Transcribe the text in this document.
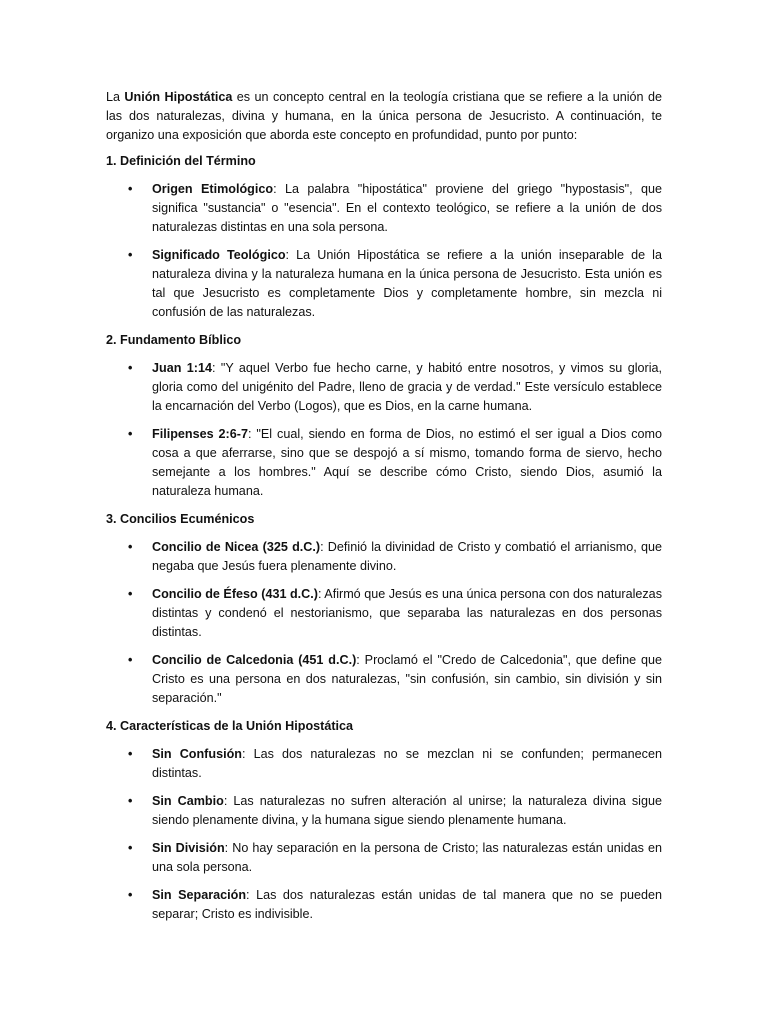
La Unión Hipostática es un concepto central en la teología cristiana que se refiere a la unión de las dos naturalezas, divina y humana, en la única persona de Jesucristo. A continuación, te organizo una exposición que aborda este concepto en profundidad, punto por punto:

1. Definición del Término
• Origen Etimológico: La palabra "hipostática" proviene del griego "hypostasis", que significa "sustancia" o "esencia". En el contexto teológico, se refiere a la unión de dos naturalezas distintas en una sola persona.
• Significado Teológico: La Unión Hipostática se refiere a la unión inseparable de la naturaleza divina y la naturaleza humana en la única persona de Jesucristo. Esta unión es tal que Jesucristo es completamente Dios y completamente hombre, sin mezcla ni confusión de las naturalezas.
2. Fundamento Bíblico
• Juan 1:14: "Y aquel Verbo fue hecho carne, y habitó entre nosotros, y vimos su gloria, gloria como del unigénito del Padre, lleno de gracia y de verdad." Este versículo establece la encarnación del Verbo (Logos), que es Dios, en la carne humana.
• Filipenses 2:6-7: "El cual, siendo en forma de Dios, no estimó el ser igual a Dios como cosa a que aferrarse, sino que se despojó a sí mismo, tomando forma de siervo, hecho semejante a los hombres." Aquí se describe cómo Cristo, siendo Dios, asumió la naturaleza humana.
3. Concilios Ecuménicos
• Concilio de Nicea (325 d.C.): Definió la divinidad de Cristo y combatió el arrianismo, que negaba que Jesús fuera plenamente divino.
• Concilio de Éfeso (431 d.C.): Afirmó que Jesús es una única persona con dos naturalezas distintas y condenó el nestorianismo, que separaba las naturalezas en dos personas distintas.
• Concilio de Calcedonia (451 d.C.): Proclamó el "Credo de Calcedonia", que define que Cristo es una persona en dos naturalezas, "sin confusión, sin cambio, sin división y sin separación."
4. Características de la Unión Hipostática
• Sin Confusión: Las dos naturalezas no se mezclan ni se confunden; permanecen distintas.
• Sin Cambio: Las naturalezas no sufren alteración al unirse; la naturaleza divina sigue siendo plenamente divina, y la humana sigue siendo plenamente humana.
• Sin División: No hay separación en la persona de Cristo; las naturalezas están unidas en una sola persona.
• Sin Separación: Las dos naturalezas están unidas de tal manera que no se pueden separar; Cristo es indivisible.
